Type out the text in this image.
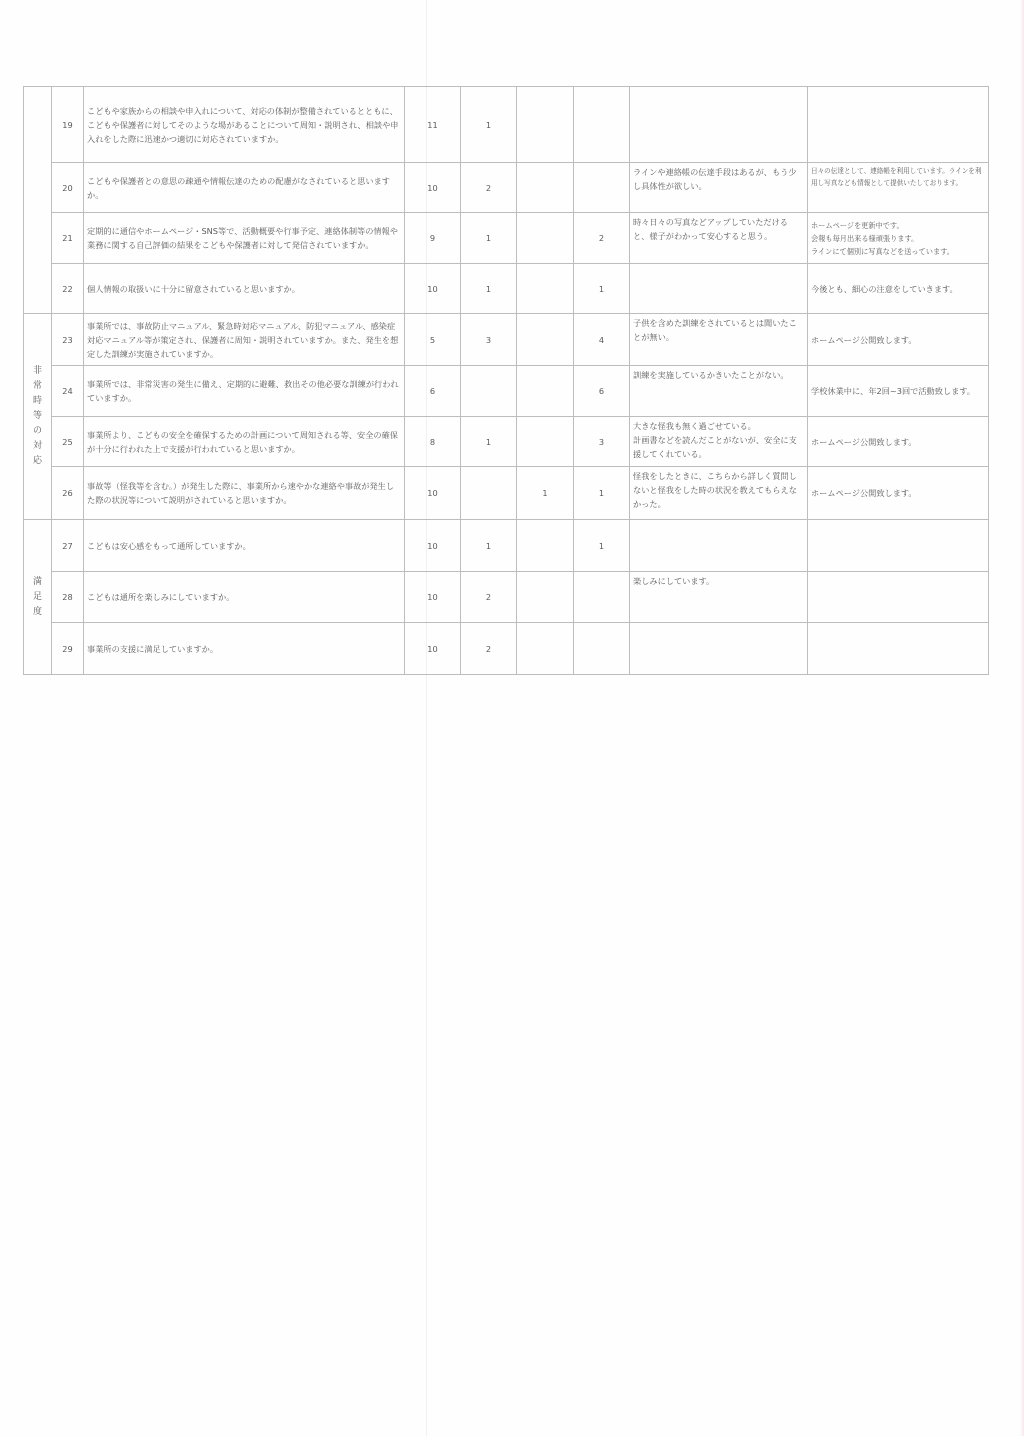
	19	こどもや家族からの相談や申入れについて、対応の体制が整備されているとともに、こどもや保護者に対してそのような場があることについて周知・説明され、相談や申入れをした際に迅速かつ適切に対応されていますか。	11	1				
	20	こどもや保護者との意思の疎通や情報伝達のための配慮がなされていると思いますか。	10	2			ラインや連絡帳の伝達手段はあるが、もう少し具体性が欲しい。	日々の伝達として、連絡帳を利用しています。ラインを利用し写真なども情報として提供いたしております。
	21	定期的に通信やホームページ・SNS等で、活動概要や行事予定、連絡体制等の情報や業務に関する自己評価の結果をこどもや保護者に対して発信されていますか。	9	1		2	時々日々の写真などアップしていただけると、様子がわかって安心すると思う。	ホームページを更新中です。
会報も毎月出来る様頑張ります。
ラインにて個別に写真などを送っています。
	22	個人情報の取扱いに十分に留意されていると思いますか。	10	1		1		今後とも、細心の注意をしていきます。

非常時等の対応	23	事業所では、事故防止マニュアル、緊急時対応マニュアル、防犯マニュアル、感染症対応マニュアル等が策定され、保護者に周知・説明されていますか。また、発生を想定した訓練が実施されていますか。	5	3		4	子供を含めた訓練をされているとは聞いたことが無い。	ホームページ公開致します。
	24	事業所では、非常災害の発生に備え、定期的に避難、救出その他必要な訓練が行われていますか。	6			6	訓練を実施しているかきいたことがない。	学校休業中に、年2回~3回で活動致します。
	25	事業所より、こどもの安全を確保するための計画について周知される等、安全の確保が十分に行われた上で支援が行われていると思いますか。	8	1		3	大きな怪我も無く過ごせている。
計画書などを読んだことがないが、安全に支援してくれている。	ホームページ公開致します。
	26	事故等（怪我等を含む。）が発生した際に、事業所から速やかな連絡や事故が発生した際の状況等について説明がされていると思いますか。	10		1	1	怪我をしたときに、こちらから詳しく質問しないと怪我をした時の状況を教えてもらえなかった。	ホームページ公開致します。

満足度	27	こどもは安心感をもって通所していますか。	10	1		1		
	28	こどもは通所を楽しみにしていますか。	10	2			楽しみにしています。	
	29	事業所の支援に満足していますか。	10	2				
